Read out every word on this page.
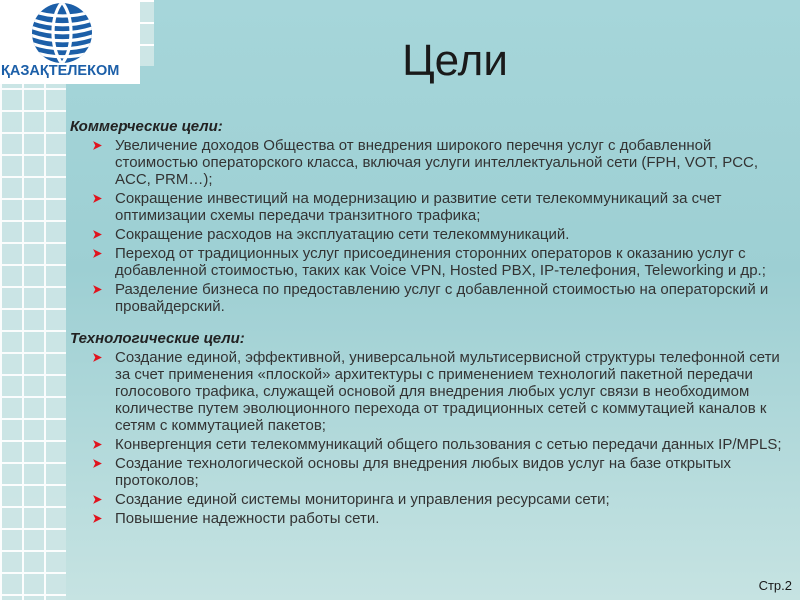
ҚАЗАҚТЕЛЕКОМ	Цели
Коммерческие цели:
Увеличение доходов Общества от внедрения широкого перечня услуг с добавленной стоимостью операторского класса, включая услуги интеллектуальной сети (FPH, VOT, PCC, ACC, PRM…);
Сокращение инвестиций на модернизацию и развитие сети телекоммуникаций за счет оптимизации схемы передачи транзитного трафика;
Сокращение расходов на эксплуатацию сети телекоммуникаций.
Переход от традиционных услуг присоединения сторонних операторов к оказанию услуг с добавленной стоимостью, таких как Voice VPN, Hosted PBX, IP-телефония, Teleworking и др.;
Разделение бизнеса по предоставлению услуг с добавленной стоимостью на операторский и провайдерский.
Технологические цели:
Создание единой, эффективной, универсальной мультисервисной структуры телефонной сети за счет применения «плоской» архитектуры с применением технологий пакетной передачи голосового трафика, служащей основой для внедрения любых услуг связи в необходимом количестве путем эволюционного перехода от традиционных сетей с коммутацией каналов к сетям с коммутацией пакетов;
Конвергенция сети телекоммуникаций общего пользования с сетью передачи данных IP/MPLS;
Создание технологической основы для внедрения любых видов услуг на базе открытых протоколов;
Создание единой системы мониторинга и управления ресурсами сети;
Повышение надежности работы сети.
Стр.2
